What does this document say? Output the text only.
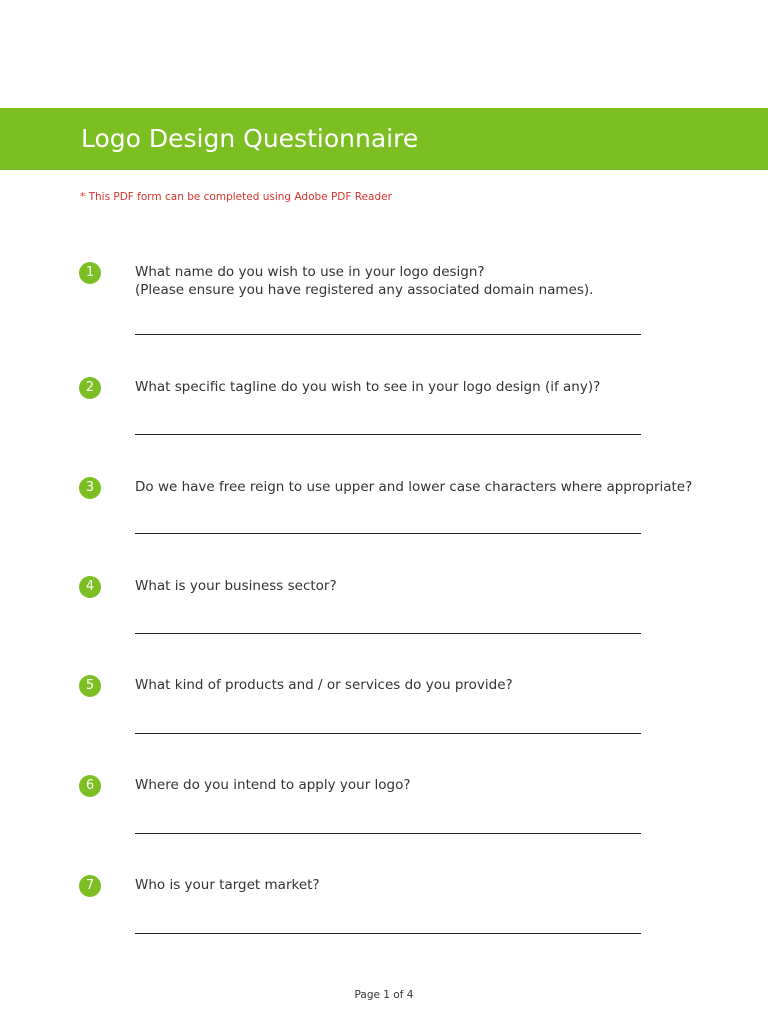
Logo Design Questionnaire
* This PDF form can be completed using Adobe PDF Reader
1	What name do you wish to use in your logo design?
(Please ensure you have registered any associated domain names).
2	What specific tagline do you wish to see in your logo design (if any)?
3	Do we have free reign to use upper and lower case characters where appropriate?
4	What is your business sector?
5	What kind of products and / or services do you provide?
6	Where do you intend to apply your logo?
7	Who is your target market?
Page 1 of 4
